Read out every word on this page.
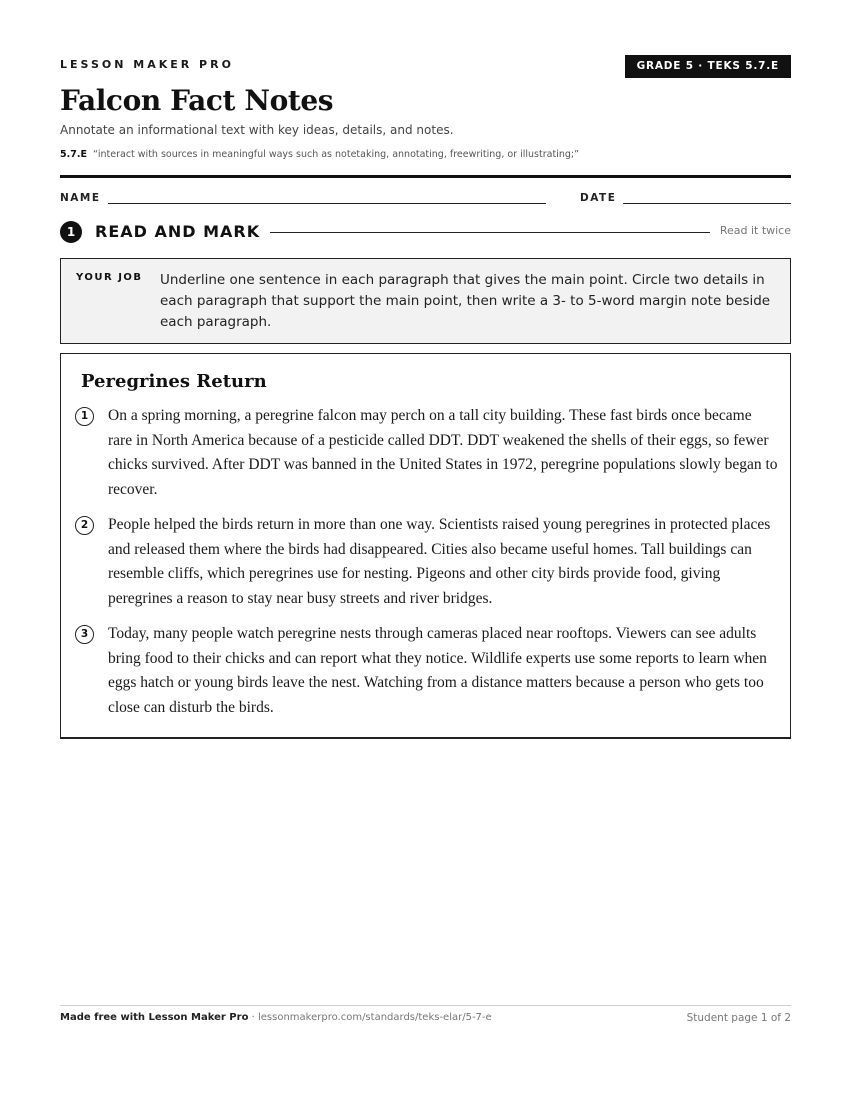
LESSON MAKER PRO	GRADE 5 · TEKS 5.7.E
Falcon Fact Notes
Annotate an informational text with key ideas, details, and notes.
5.7.E “interact with sources in meaningful ways such as notetaking, annotating, freewriting, or illustrating;”
NAME	DATE
1	READ AND MARK	Read it twice
YOUR JOB Underline one sentence in each paragraph that gives the main point. Circle two details in each paragraph that support the main point, then write a 3- to 5-word margin note beside each paragraph.
Peregrines Return
1	On a spring morning, a peregrine falcon may perch on a tall city building. These fast birds once became rare in North America because of a pesticide called DDT. DDT weakened the shells of their eggs, so fewer chicks survived. After DDT was banned in the United States in 1972, peregrine populations slowly began to recover.

2	People helped the birds return in more than one way. Scientists raised young peregrines in protected places and released them where the birds had disappeared. Cities also became useful homes. Tall buildings can resemble cliffs, which peregrines use for nesting. Pigeons and other city birds provide food, giving peregrines a reason to stay near busy streets and river bridges.

3	Today, many people watch peregrine nests through cameras placed near rooftops. Viewers can see adults bring food to their chicks and can report what they notice. Wildlife experts use some reports to learn when eggs hatch or young birds leave the nest. Watching from a distance matters because a person who gets too close can disturb the birds.

Made free with Lesson Maker Pro · lessonmakerpro.com/standards/teks-elar/5-7-e	Student page 1 of 2
